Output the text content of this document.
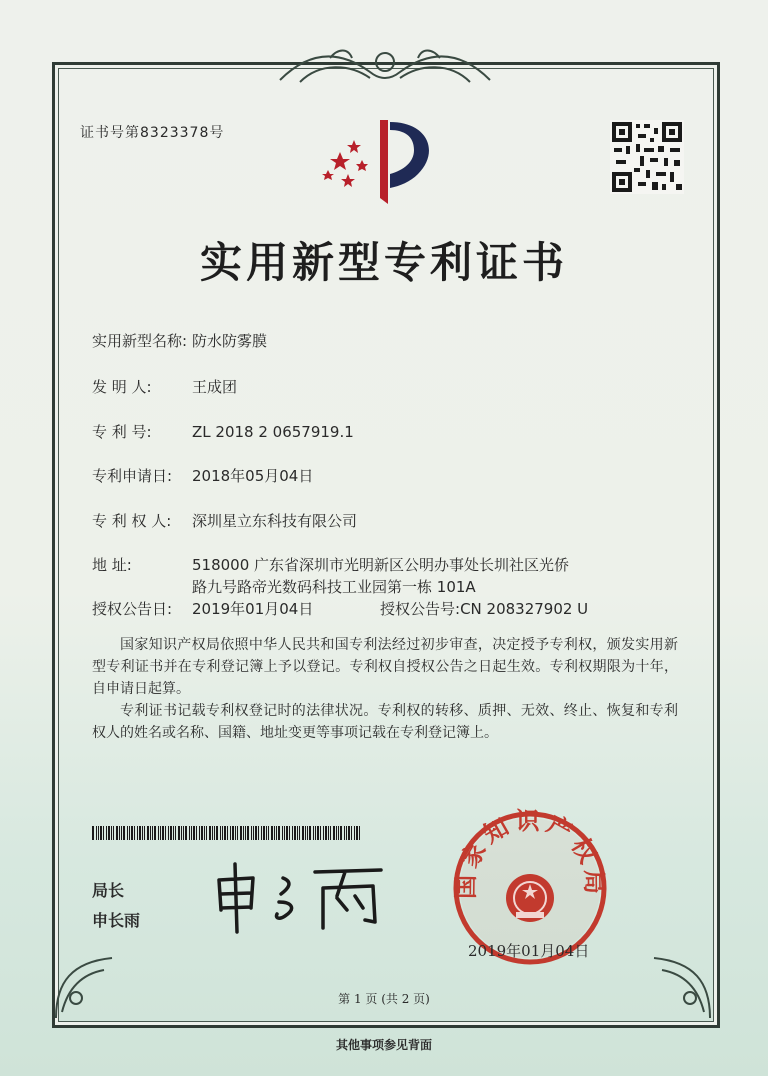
证书号第8323378号
实用新型专利证书
实用新型名称: 防水防雾膜
发 明 人:	王成团
专 利 号:	ZL 2018 2 0657919.1
专利申请日: 2018年05月04日
专 利 权 人: 深圳星立东科技有限公司
地 址:	518000 广东省深圳市光明新区公明办事处长圳社区光侨
路九号路帝光数码科技工业园第一栋 101A
授权公告日: 2019年01月04日	授权公告号:CN 208327902 U
国家知识产权局依照中华人民共和国专利法经过初步审查，决定授予专利权，颁发实用新型专利证书并在专利登记簿上予以登记。专利权自授权公告之日起生效。专利权期限为十年，自申请日起算。
专利证书记载专利权登记时的法律状况。专利权的转移、质押、无效、终止、恢复和专利权人的姓名或名称、国籍、地址变更等事项记载在专利登记簿上。
局长
申长雨
国家知识产权局
2019年01月04日
第 1 页 (共 2 页)
其他事项参见背面
